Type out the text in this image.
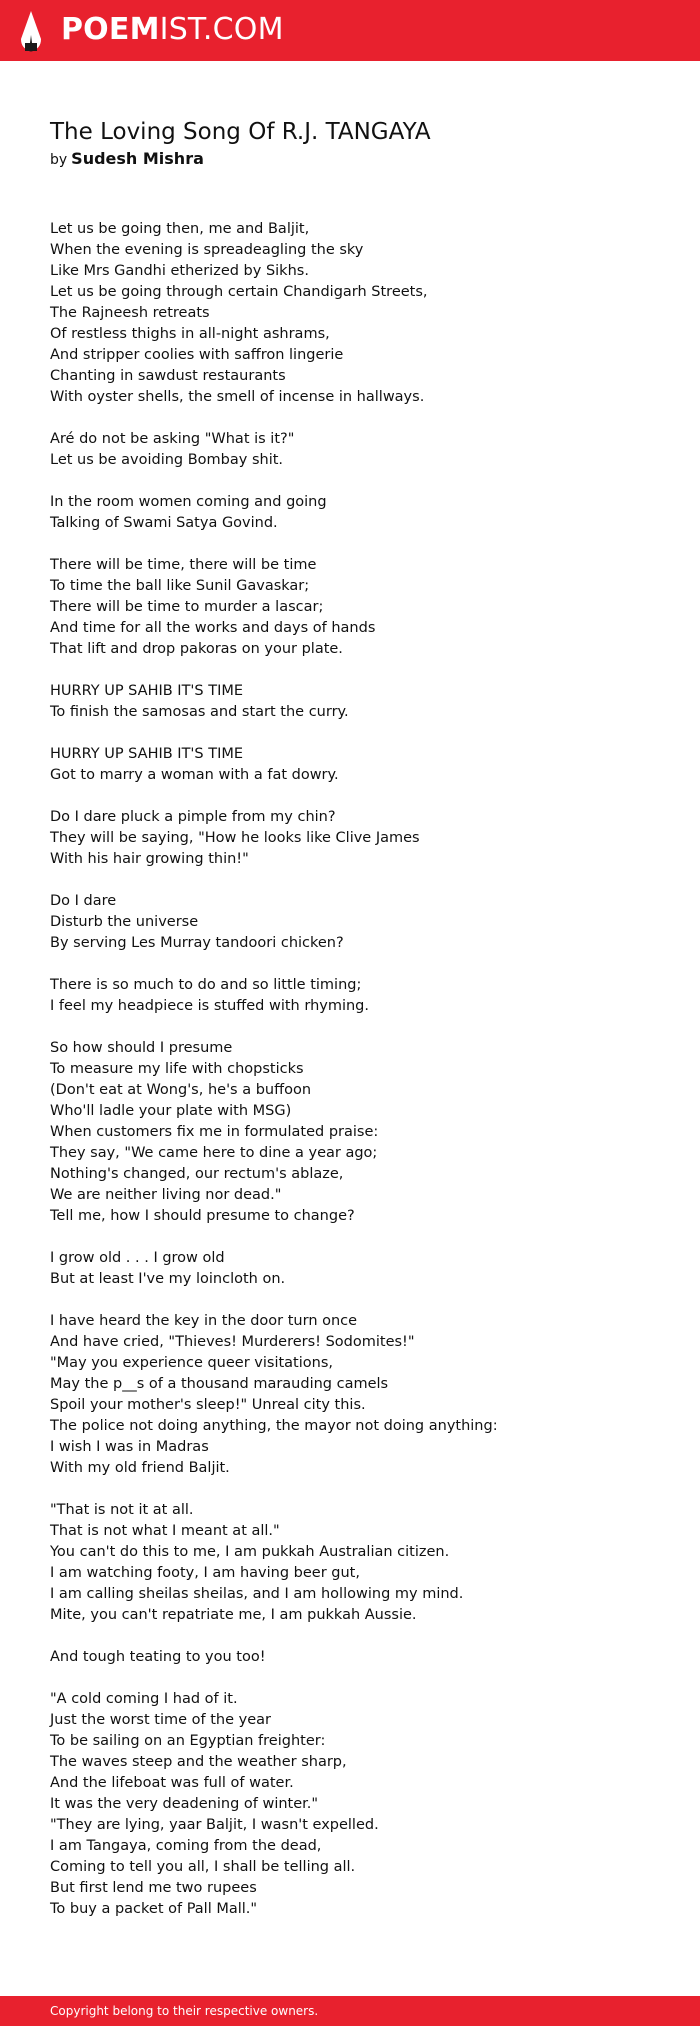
POEMIST.COM
The Loving Song Of R.J. TANGAYA
by Sudesh Mishra

Let us be going then, me and Baljit,
When the evening is spreadeagling the sky
Like Mrs Gandhi etherized by Sikhs.
Let us be going through certain Chandigarh Streets,
The Rajneesh retreats
Of restless thighs in all-night ashrams,
And stripper coolies with saffron lingerie
Chanting in sawdust restaurants
With oyster shells, the smell of incense in hallways.

Aré do not be asking "What is it?"
Let us be avoiding Bombay shit.

In the room women coming and going
Talking of Swami Satya Govind.

There will be time, there will be time
To time the ball like Sunil Gavaskar;
There will be time to murder a lascar;
And time for all the works and days of hands
That lift and drop pakoras on your plate.

HURRY UP SAHIB IT'S TIME
To finish the samosas and start the curry.

HURRY UP SAHIB IT'S TIME
Got to marry a woman with a fat dowry.

Do I dare pluck a pimple from my chin?
They will be saying, "How he looks like Clive James
With his hair growing thin!"

Do I dare
Disturb the universe
By serving Les Murray tandoori chicken?

There is so much to do and so little timing;
I feel my headpiece is stuffed with rhyming.

So how should I presume
To measure my life with chopsticks
(Don't eat at Wong's, he's a buffoon
Who'll ladle your plate with MSG)
When customers fix me in formulated praise:
They say, "We came here to dine a year ago;
Nothing's changed, our rectum's ablaze,
We are neither living nor dead."
Tell me, how I should presume to change?

I grow old . . . I grow old
But at least I've my loincloth on.

I have heard the key in the door turn once
And have cried, "Thieves! Murderers! Sodomites!"
"May you experience queer visitations,
May the p__s of a thousand marauding camels
Spoil your mother's sleep!" Unreal city this.
The police not doing anything, the mayor not doing anything:
I wish I was in Madras
With my old friend Baljit.

"That is not it at all.
That is not what I meant at all."
You can't do this to me, I am pukkah Australian citizen.
I am watching footy, I am having beer gut,
I am calling sheilas sheilas, and I am hollowing my mind.
Mite, you can't repatriate me, I am pukkah Aussie.

And tough teating to you too!

"A cold coming I had of it.
Just the worst time of the year
To be sailing on an Egyptian freighter:
The waves steep and the weather sharp,
And the lifeboat was full of water.
It was the very deadening of winter."
"They are lying, yaar Baljit, I wasn't expelled.
I am Tangaya, coming from the dead,
Coming to tell you all, I shall be telling all.
But first lend me two rupees
To buy a packet of Pall Mall."

Copyright belong to their respective owners.
